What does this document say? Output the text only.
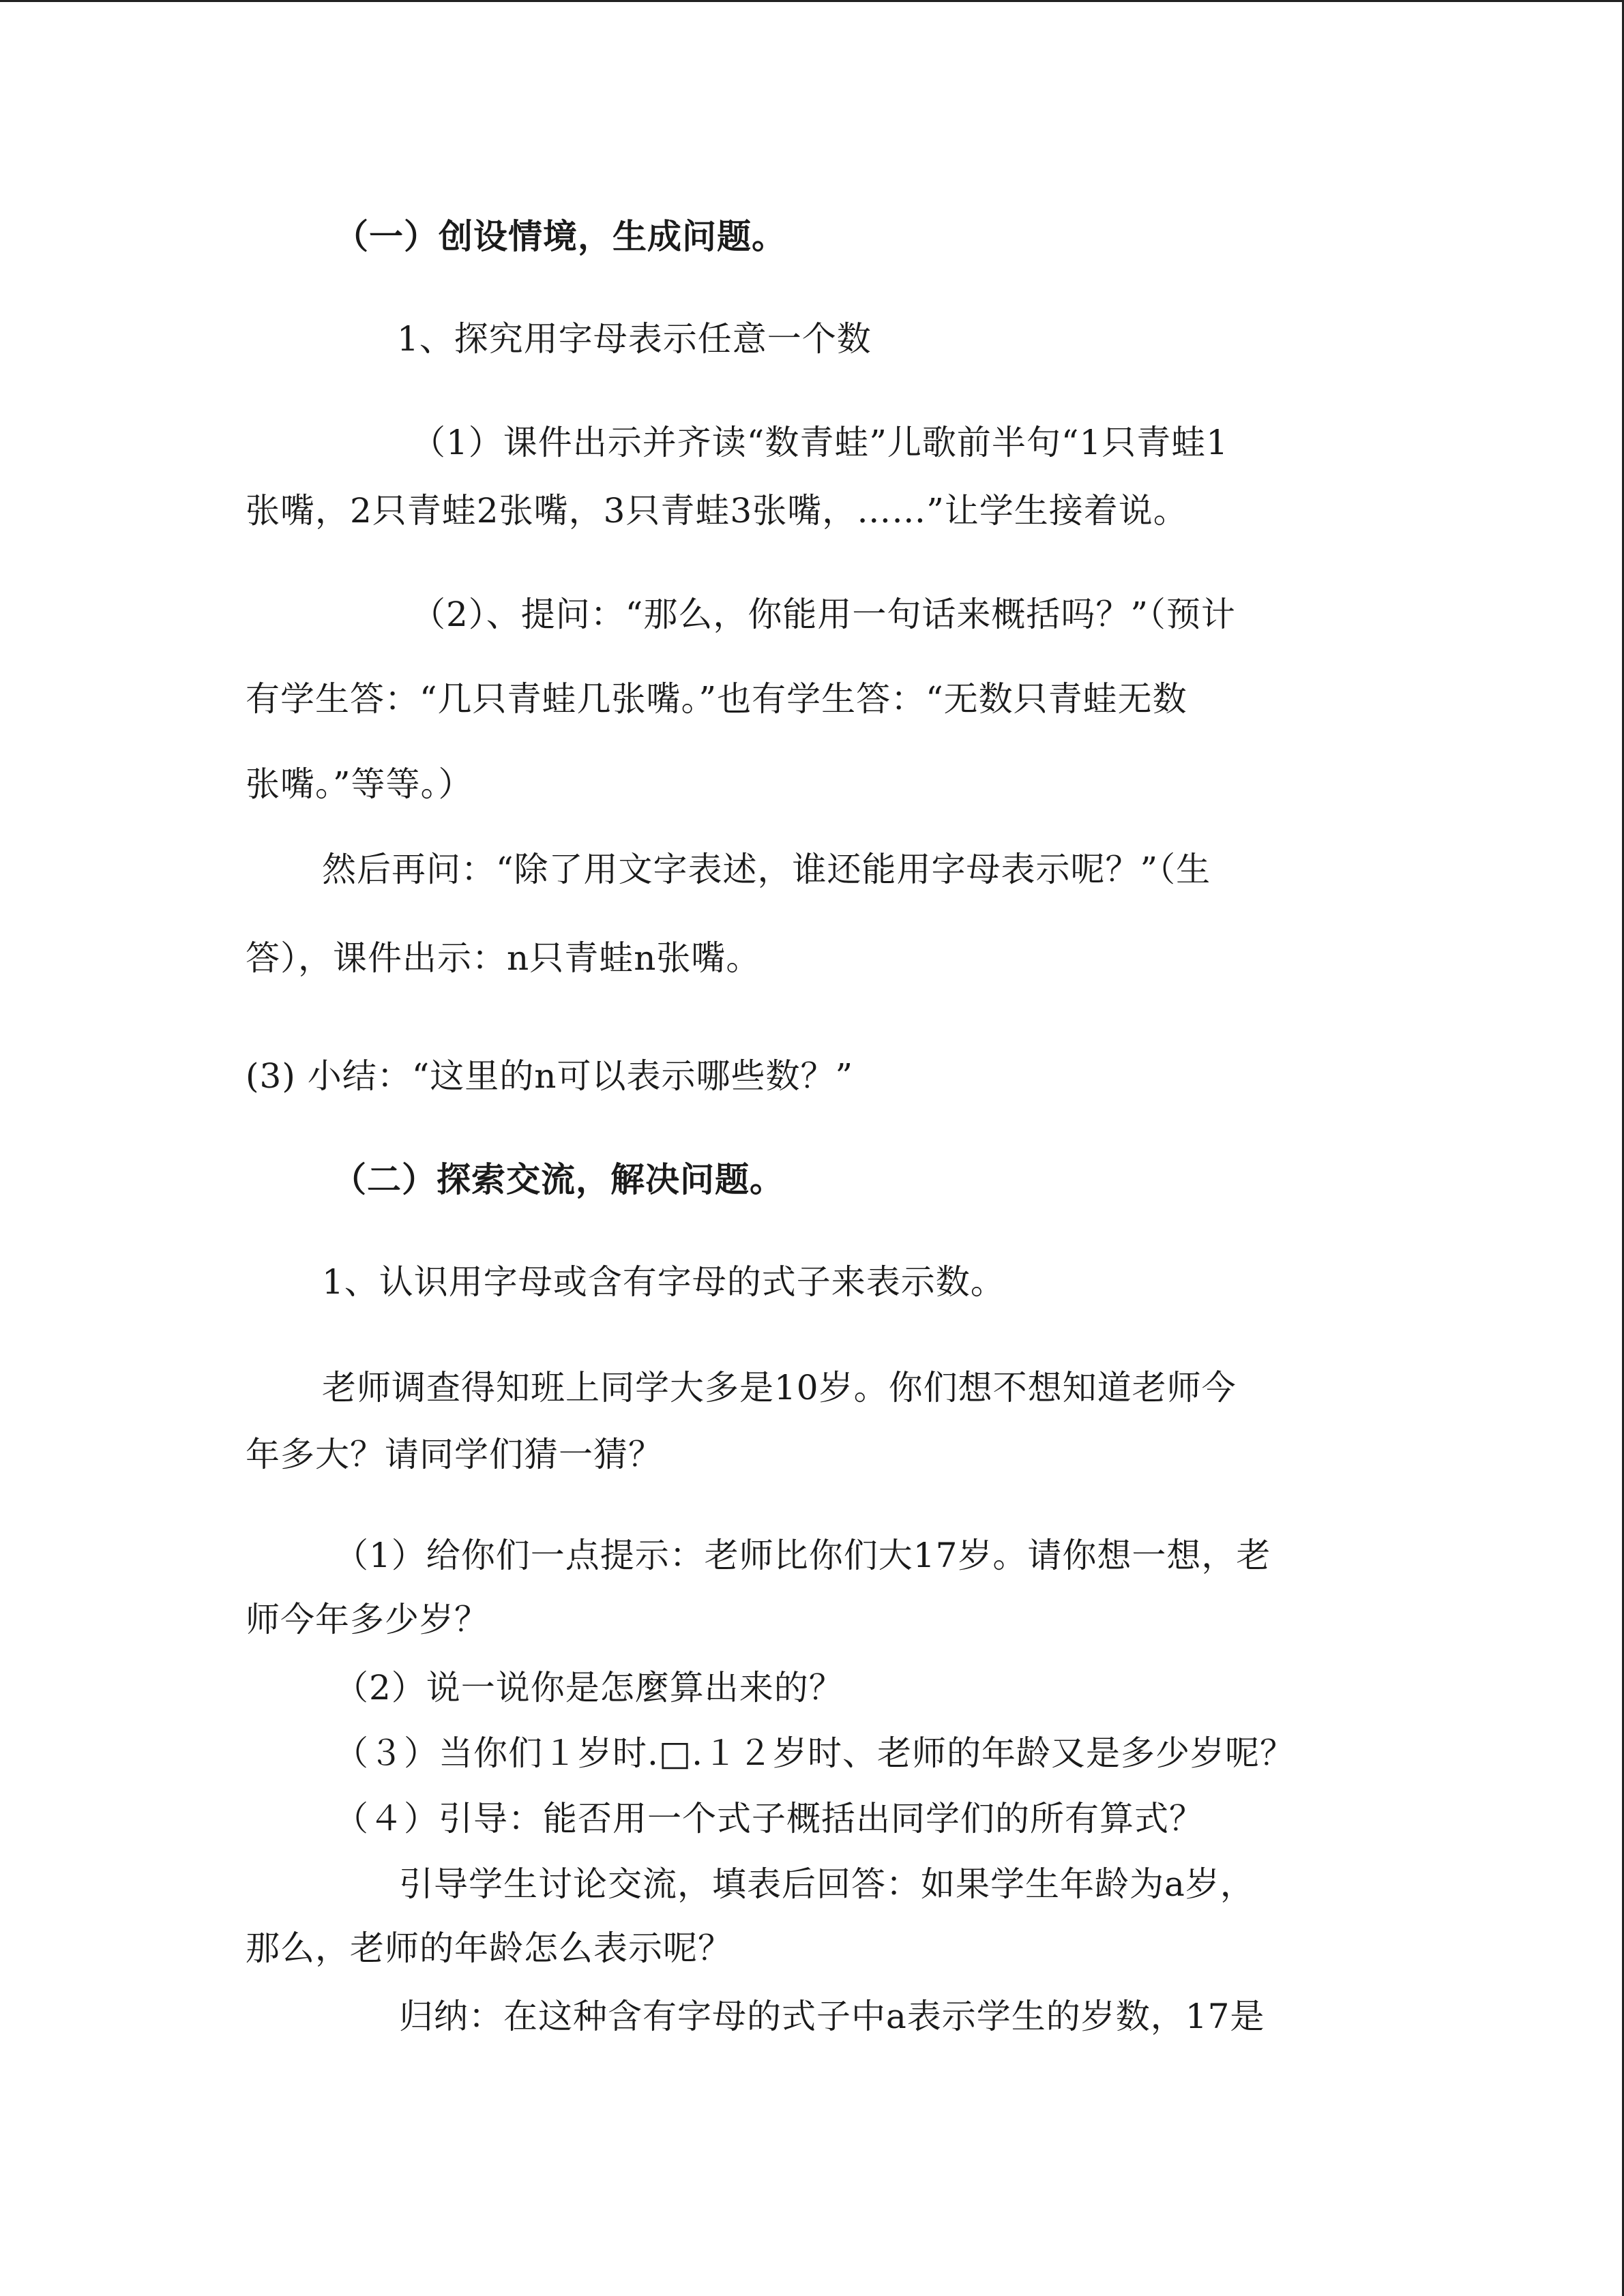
（一）创设情境，生成问题。
1、探究用字母表示任意一个数
（1）课件出示并齐读“数青蛙”儿歌前半句“1只青蛙1
张嘴，2只青蛙2张嘴，3只青蛙3张嘴，……”让学生接着说。
（2）、提问：“那么，你能用一句话来概括吗？”（预计
有学生答：“几只青蛙几张嘴。”也有学生答：“无数只青蛙无数
张嘴。”等等。）
然后再问：“除了用文字表述，谁还能用字母表示呢？”（生
答），课件出示：n只青蛙n张嘴。
(3) 小结：“这里的n可以表示哪些数？”
（二）探索交流，解决问题。
1、认识用字母或含有字母的式子来表示数。
老师调查得知班上同学大多是10岁。你们想不想知道老师今
年多大？请同学们猜一猜？
（1）给你们一点提示：老师比你们大17岁。请你想一想，老
师今年多少岁？
（2）说一说你是怎麼算出来的？
（３）当你们１岁时.□.１２岁时、老师的年龄又是多少岁呢？
（４）引导：能否用一个式子概括出同学们的所有算式？
引导学生讨论交流，填表后回答：如果学生年龄为a岁，
那么，老师的年龄怎么表示呢？
归纳：在这种含有字母的式子中a表示学生的岁数，17是
